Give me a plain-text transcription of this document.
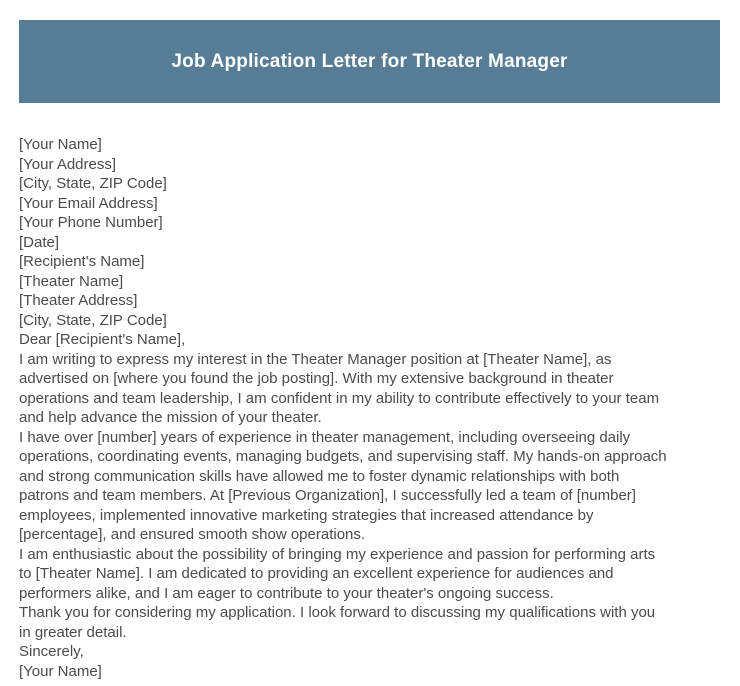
Job Application Letter for Theater Manager
[Your Name]
[Your Address]
[City, State, ZIP Code]
[Your Email Address]
[Your Phone Number]
[Date]
[Recipient's Name]
[Theater Name]
[Theater Address]
[City, State, ZIP Code]
Dear [Recipient's Name],
I am writing to express my interest in the Theater Manager position at [Theater Name], as
advertised on [where you found the job posting]. With my extensive background in theater
operations and team leadership, I am confident in my ability to contribute effectively to your team
and help advance the mission of your theater.
I have over [number] years of experience in theater management, including overseeing daily
operations, coordinating events, managing budgets, and supervising staff. My hands-on approach
and strong communication skills have allowed me to foster dynamic relationships with both
patrons and team members. At [Previous Organization], I successfully led a team of [number]
employees, implemented innovative marketing strategies that increased attendance by
[percentage], and ensured smooth show operations.
I am enthusiastic about the possibility of bringing my experience and passion for performing arts
to [Theater Name]. I am dedicated to providing an excellent experience for audiences and
performers alike, and I am eager to contribute to your theater's ongoing success.
Thank you for considering my application. I look forward to discussing my qualifications with you
in greater detail.
Sincerely,
[Your Name]
